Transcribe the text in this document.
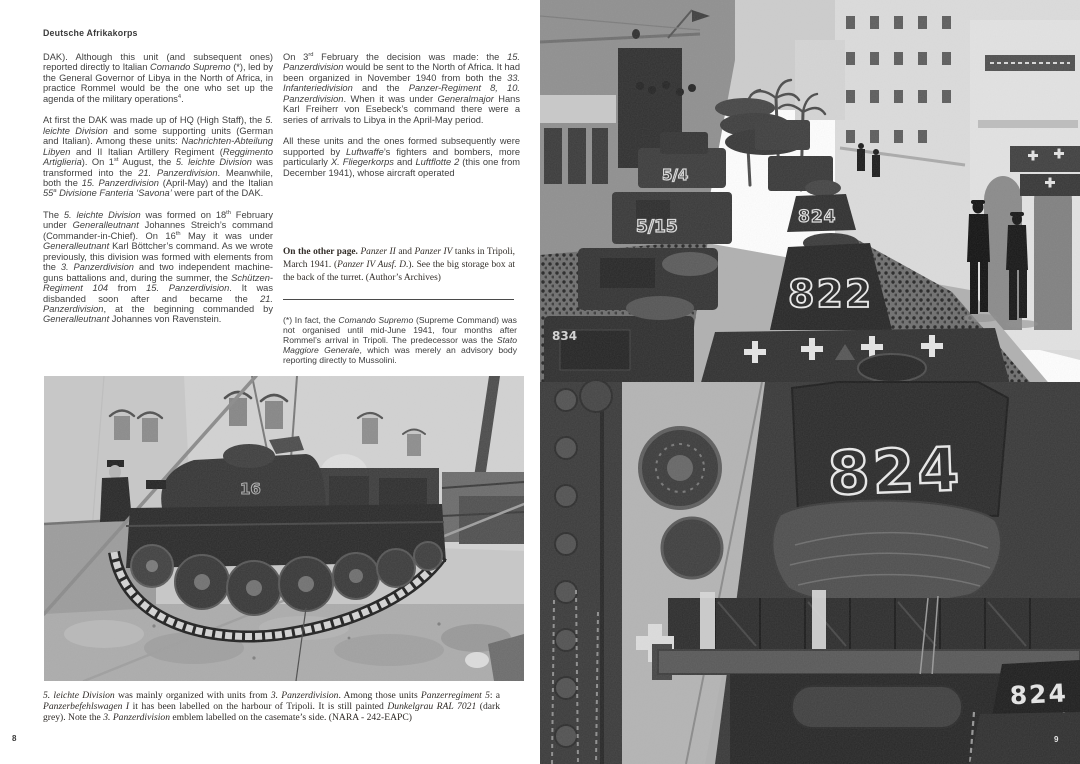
Deutsche Afrikakorps

DAK). Although this unit (and subsequent ones) reported directly to Italian Comando Supremo (*), led by the General Governor of Libya in the North of Africa, in practice Rommel would be the one who set up the agenda of the military operations$^4$.

At first the DAK was made up of HQ (High Staff), the 5. leichte Division and some supporting units (German and Italian). Among these units: Nachrichten-Abteilung Libyen and II Italian Artillery Regiment (Reggimento Artiglieria). On 1st August, the 5. leichte Division was transformed into the 21. Panzerdivision. Meanwhile, both the 15. Panzerdivision (April-May) and the Italian 55$^a$ Divisione Fanteria ‘Savona’ were part of the DAK.

The 5. leichte Division was formed on 18th February under Generalleutnant Johannes Streich’s command (Commander-in-Chief). On 16th May it was under Generalleutnant Karl Böttcher’s command. As we wrote previously, this division was formed with elements from the 3. Panzerdivision and two independent machine-guns battalions and, during the summer, the Schützen-Regiment 104 from 15. Panzerdivision. It was disbanded soon after and became the 21. Panzerdivision, at the beginning commanded by Generalleutnant Johannes von Ravenstein.

On 3rd February the decision was made: the 15. Panzerdivision would be sent to the North of Africa. It had been organized in November 1940 from both the 33. Infanteriedivision and the Panzer-Regiment 8, 10. Panzerdivision. When it was under Generalmajor Hans Karl Freiherr von Esebeck’s command there were a series of arrivals to Libya in the April-May period.

All these units and the ones formed subsequently were supported by Luftwaffe’s fighters and bombers, more particularly X. Fliegerkorps and Luftflotte 2 (this one from December 1941), whose aircraft operated

On the other page. Panzer II and Panzer IV tanks in Tripoli, March 1941. (Panzer IV Ausf. D.). See the big storage box at the back of the turret. (Author’s Archives)
(*) In fact, the Comando Supremo (Supreme Command) was not organised until mid-June 1941, four months after Rommel’s arrival in Tripoli. The predecessor was the Stato Maggiore Generale, which was merely an advisory body reporting directly to Mussolini.
5. leichte Division was mainly organized with units from 3. Panzerdivision. Among those units Panzerregiment 5: a Panzerbefehlswagen I it has been labelled on the harbour of Tripoli. It is still painted Dunkelgrau RAL 7021 (dark grey). Note the 3. Panzerdivision emblem labelled on the casemate’s side. (NARA - 242-EAPC)
8	9
